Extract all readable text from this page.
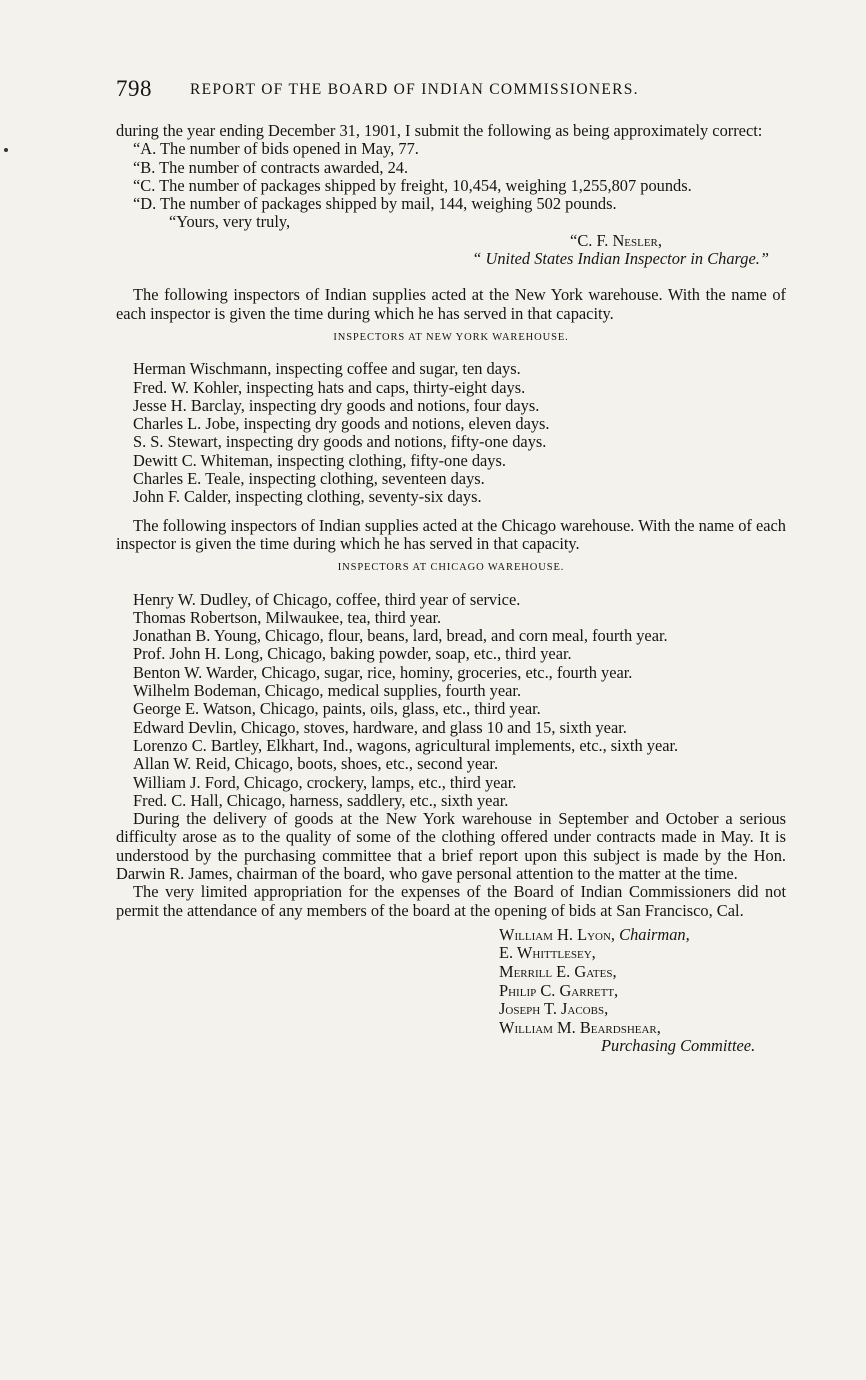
798 REPORT OF THE BOARD OF INDIAN COMMISSIONERS.

during the year ending December 31, 1901, I submit the following as being approximately correct:

“A. The number of bids opened in May, 77.

“B. The number of contracts awarded, 24.

“C. The number of packages shipped by freight, 10,454, weighing 1,255,807 pounds.

“D. The number of packages shipped by mail, 144, weighing 502 pounds.

“Yours, very truly,

“C. F. Nesler,

“ United States Indian Inspector in Charge.”

The following inspectors of Indian supplies acted at the New York warehouse. With the name of each inspector is given the time during which he has served in that capacity.

INSPECTORS AT NEW YORK WAREHOUSE.

Herman Wischmann, inspecting coffee and sugar, ten days.

Fred. W. Kohler, inspecting hats and caps, thirty-eight days.

Jesse H. Barclay, inspecting dry goods and notions, four days.

Charles L. Jobe, inspecting dry goods and notions, eleven days.

S. S. Stewart, inspecting dry goods and notions, fifty-one days.

Dewitt C. Whiteman, inspecting clothing, fifty-one days.

Charles E. Teale, inspecting clothing, seventeen days.

John F. Calder, inspecting clothing, seventy-six days.

The following inspectors of Indian supplies acted at the Chicago warehouse. With the name of each inspector is given the time during which he has served in that capacity.

INSPECTORS AT CHICAGO WAREHOUSE.

Henry W. Dudley, of Chicago, coffee, third year of service.

Thomas Robertson, Milwaukee, tea, third year.

Jonathan B. Young, Chicago, flour, beans, lard, bread, and corn meal, fourth year.

Prof. John H. Long, Chicago, baking powder, soap, etc., third year.

Benton W. Warder, Chicago, sugar, rice, hominy, groceries, etc., fourth year.

Wilhelm Bodeman, Chicago, medical supplies, fourth year.

George E. Watson, Chicago, paints, oils, glass, etc., third year.

Edward Devlin, Chicago, stoves, hardware, and glass 10 and 15, sixth year.

Lorenzo C. Bartley, Elkhart, Ind., wagons, agricultural implements, etc., sixth year.

Allan W. Reid, Chicago, boots, shoes, etc., second year.

William J. Ford, Chicago, crockery, lamps, etc., third year.

Fred. C. Hall, Chicago, harness, saddlery, etc., sixth year.

During the delivery of goods at the New York warehouse in September and October a serious difficulty arose as to the quality of some of the clothing offered under contracts made in May. It is understood by the purchasing committee that a brief report upon this subject is made by the Hon. Darwin R. James, chairman of the board, who gave personal attention to the matter at the time.

The very limited appropriation for the expenses of the Board of Indian Commissioners did not permit the attendance of any members of the board at the opening of bids at San Francisco, Cal.

William H. Lyon, Chairman,

E. Whittlesey,

Merrill E. Gates,

Philip C. Garrett,

Joseph T. Jacobs,

William M. Beardshear,

Purchasing Committee.
